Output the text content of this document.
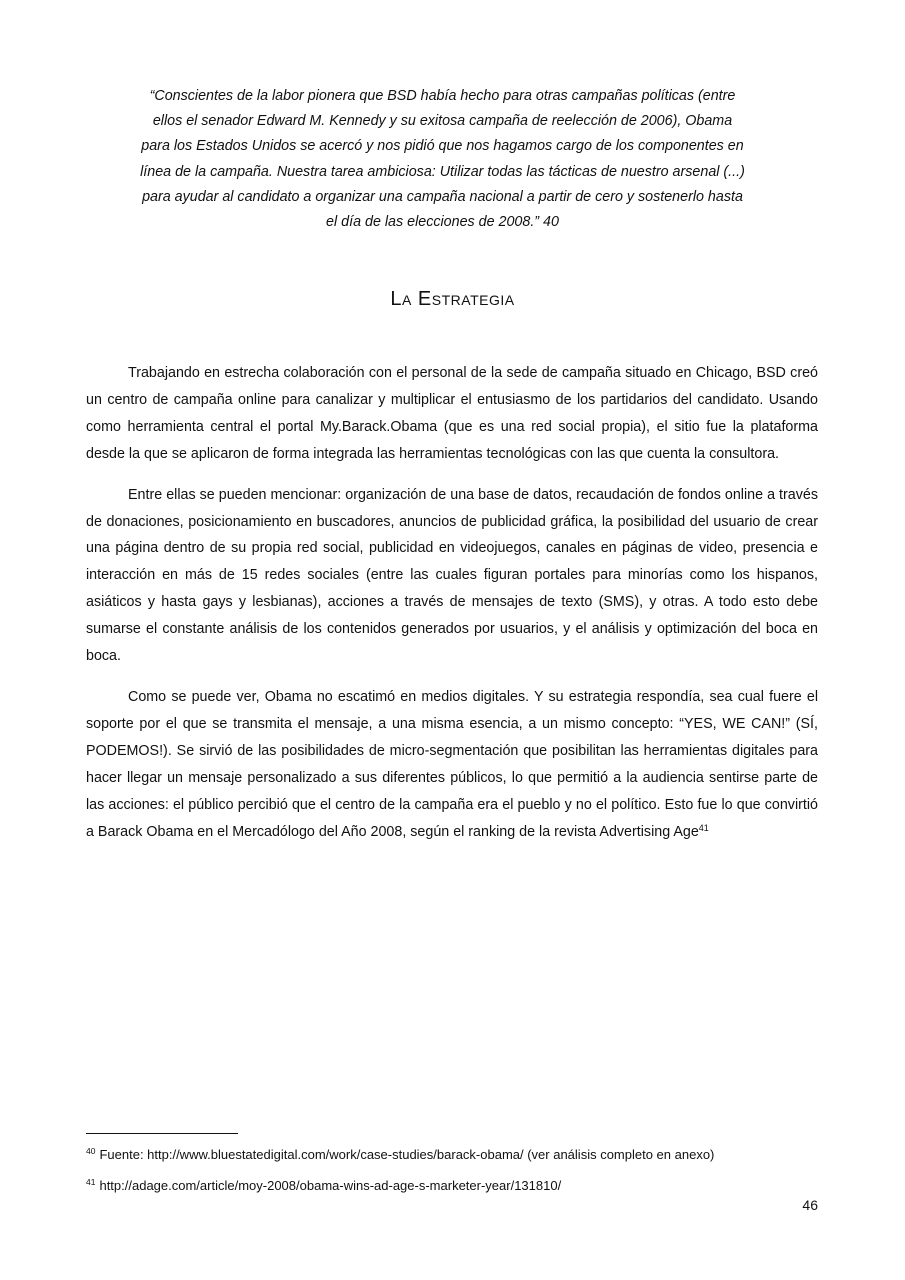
“Conscientes de la labor pionera que BSD había hecho para otras campañas políticas (entre ellos el senador Edward M. Kennedy y su exitosa campaña de reelección de 2006), Obama para los Estados Unidos se acercó y nos pidió que nos hagamos cargo de los componentes en línea de la campaña. Nuestra tarea ambiciosa: Utilizar todas las tácticas de nuestro arsenal (...) para ayudar al candidato a organizar una campaña nacional a partir de cero y sostenerlo hasta el día de las elecciones de 2008.” 40
La Estrategia

Trabajando en estrecha colaboración con el personal de la sede de campaña situado en Chicago, BSD creó un centro de campaña online para canalizar y multiplicar el entusiasmo de los partidarios del candidato. Usando como herramienta central el portal My.Barack.Obama (que es una red social propia), el sitio fue la plataforma desde la que se aplicaron de forma integrada las herramientas tecnológicas con las que cuenta la consultora.

Entre ellas se pueden mencionar: organización de una base de datos, recaudación de fondos online a través de donaciones, posicionamiento en buscadores, anuncios de publicidad gráfica, la posibilidad del usuario de crear una página dentro de su propia red social, publicidad en videojuegos, canales en páginas de video, presencia e interacción en más de 15 redes sociales (entre las cuales figuran portales para minorías como los hispanos, asiáticos y hasta gays y lesbianas), acciones a través de mensajes de texto (SMS), y otras. A todo esto debe sumarse el constante análisis de los contenidos generados por usuarios, y el análisis y optimización del boca en boca.

Como se puede ver, Obama no escatimó en medios digitales. Y su estrategia respondía, sea cual fuere el soporte por el que se transmita el mensaje, a una misma esencia, a un mismo concepto: “YES, WE CAN!” (SÍ, PODEMOS!). Se sirvió de las posibilidades de micro-segmentación que posibilitan las herramientas digitales para hacer llegar un mensaje personalizado a sus diferentes públicos, lo que permitió a la audiencia sentirse parte de las acciones: el público percibió que el centro de la campaña era el pueblo y no el político. Esto fue lo que convirtió a Barack Obama en el Mercadólogo del Año 2008, según el ranking de la revista Advertising Age$^{41}$

$^{40}$ Fuente: http://www.bluestatedigital.com/work/case-studies/barack-obama/ (ver análisis completo en anexo)
$^{41}$ http://adage.com/article/moy-2008/obama-wins-ad-age-s-marketer-year/131810/
46
